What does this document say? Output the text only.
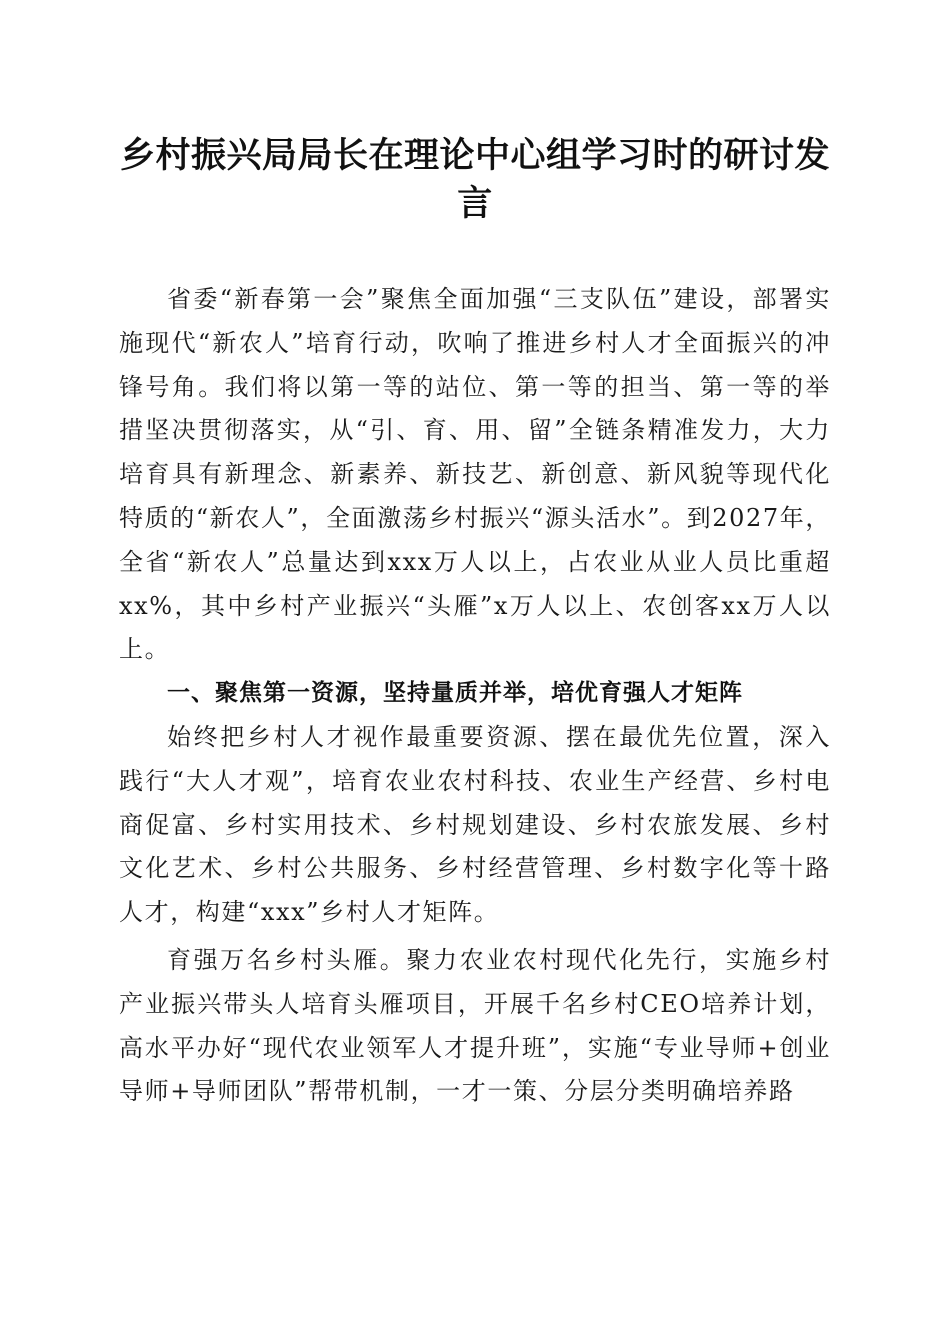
乡村振兴局局长在理论中心组学习时的研讨发言

省委“新春第一会”聚焦全面加强“三支队伍”建设，部署实施现代“新农人”培育行动，吹响了推进乡村人才全面振兴的冲锋号角。我们将以第一等的站位、第一等的担当、第一等的举措坚决贯彻落实，从“引、育、用、留”全链条精准发力，大力培育具有新理念、新素养、新技艺、新创意、新风貌等现代化特质的“新农人”，全面激荡乡村振兴“源头活水”。到2027年，全省“新农人”总量达到xxx万人以上，占农业从业人员比重超xx%，其中乡村产业振兴“头雁”x万人以上、农创客xx万人以上。

一、聚焦第一资源，坚持量质并举，培优育强人才矩阵

始终把乡村人才视作最重要资源、摆在最优先位置，深入践行“大人才观”，培育农业农村科技、农业生产经营、乡村电商促富、乡村实用技术、乡村规划建设、乡村农旅发展、乡村文化艺术、乡村公共服务、乡村经营管理、乡村数字化等十路人才，构建“xxx”乡村人才矩阵。

育强万名乡村头雁。聚力农业农村现代化先行，实施乡村产业振兴带头人培育头雁项目，开展千名乡村CEO培养计划，高水平办好“现代农业领军人才提升班”，实施“专业导师+创业导师+导师团队”帮带机制，一才一策、分层分类明确培养路
